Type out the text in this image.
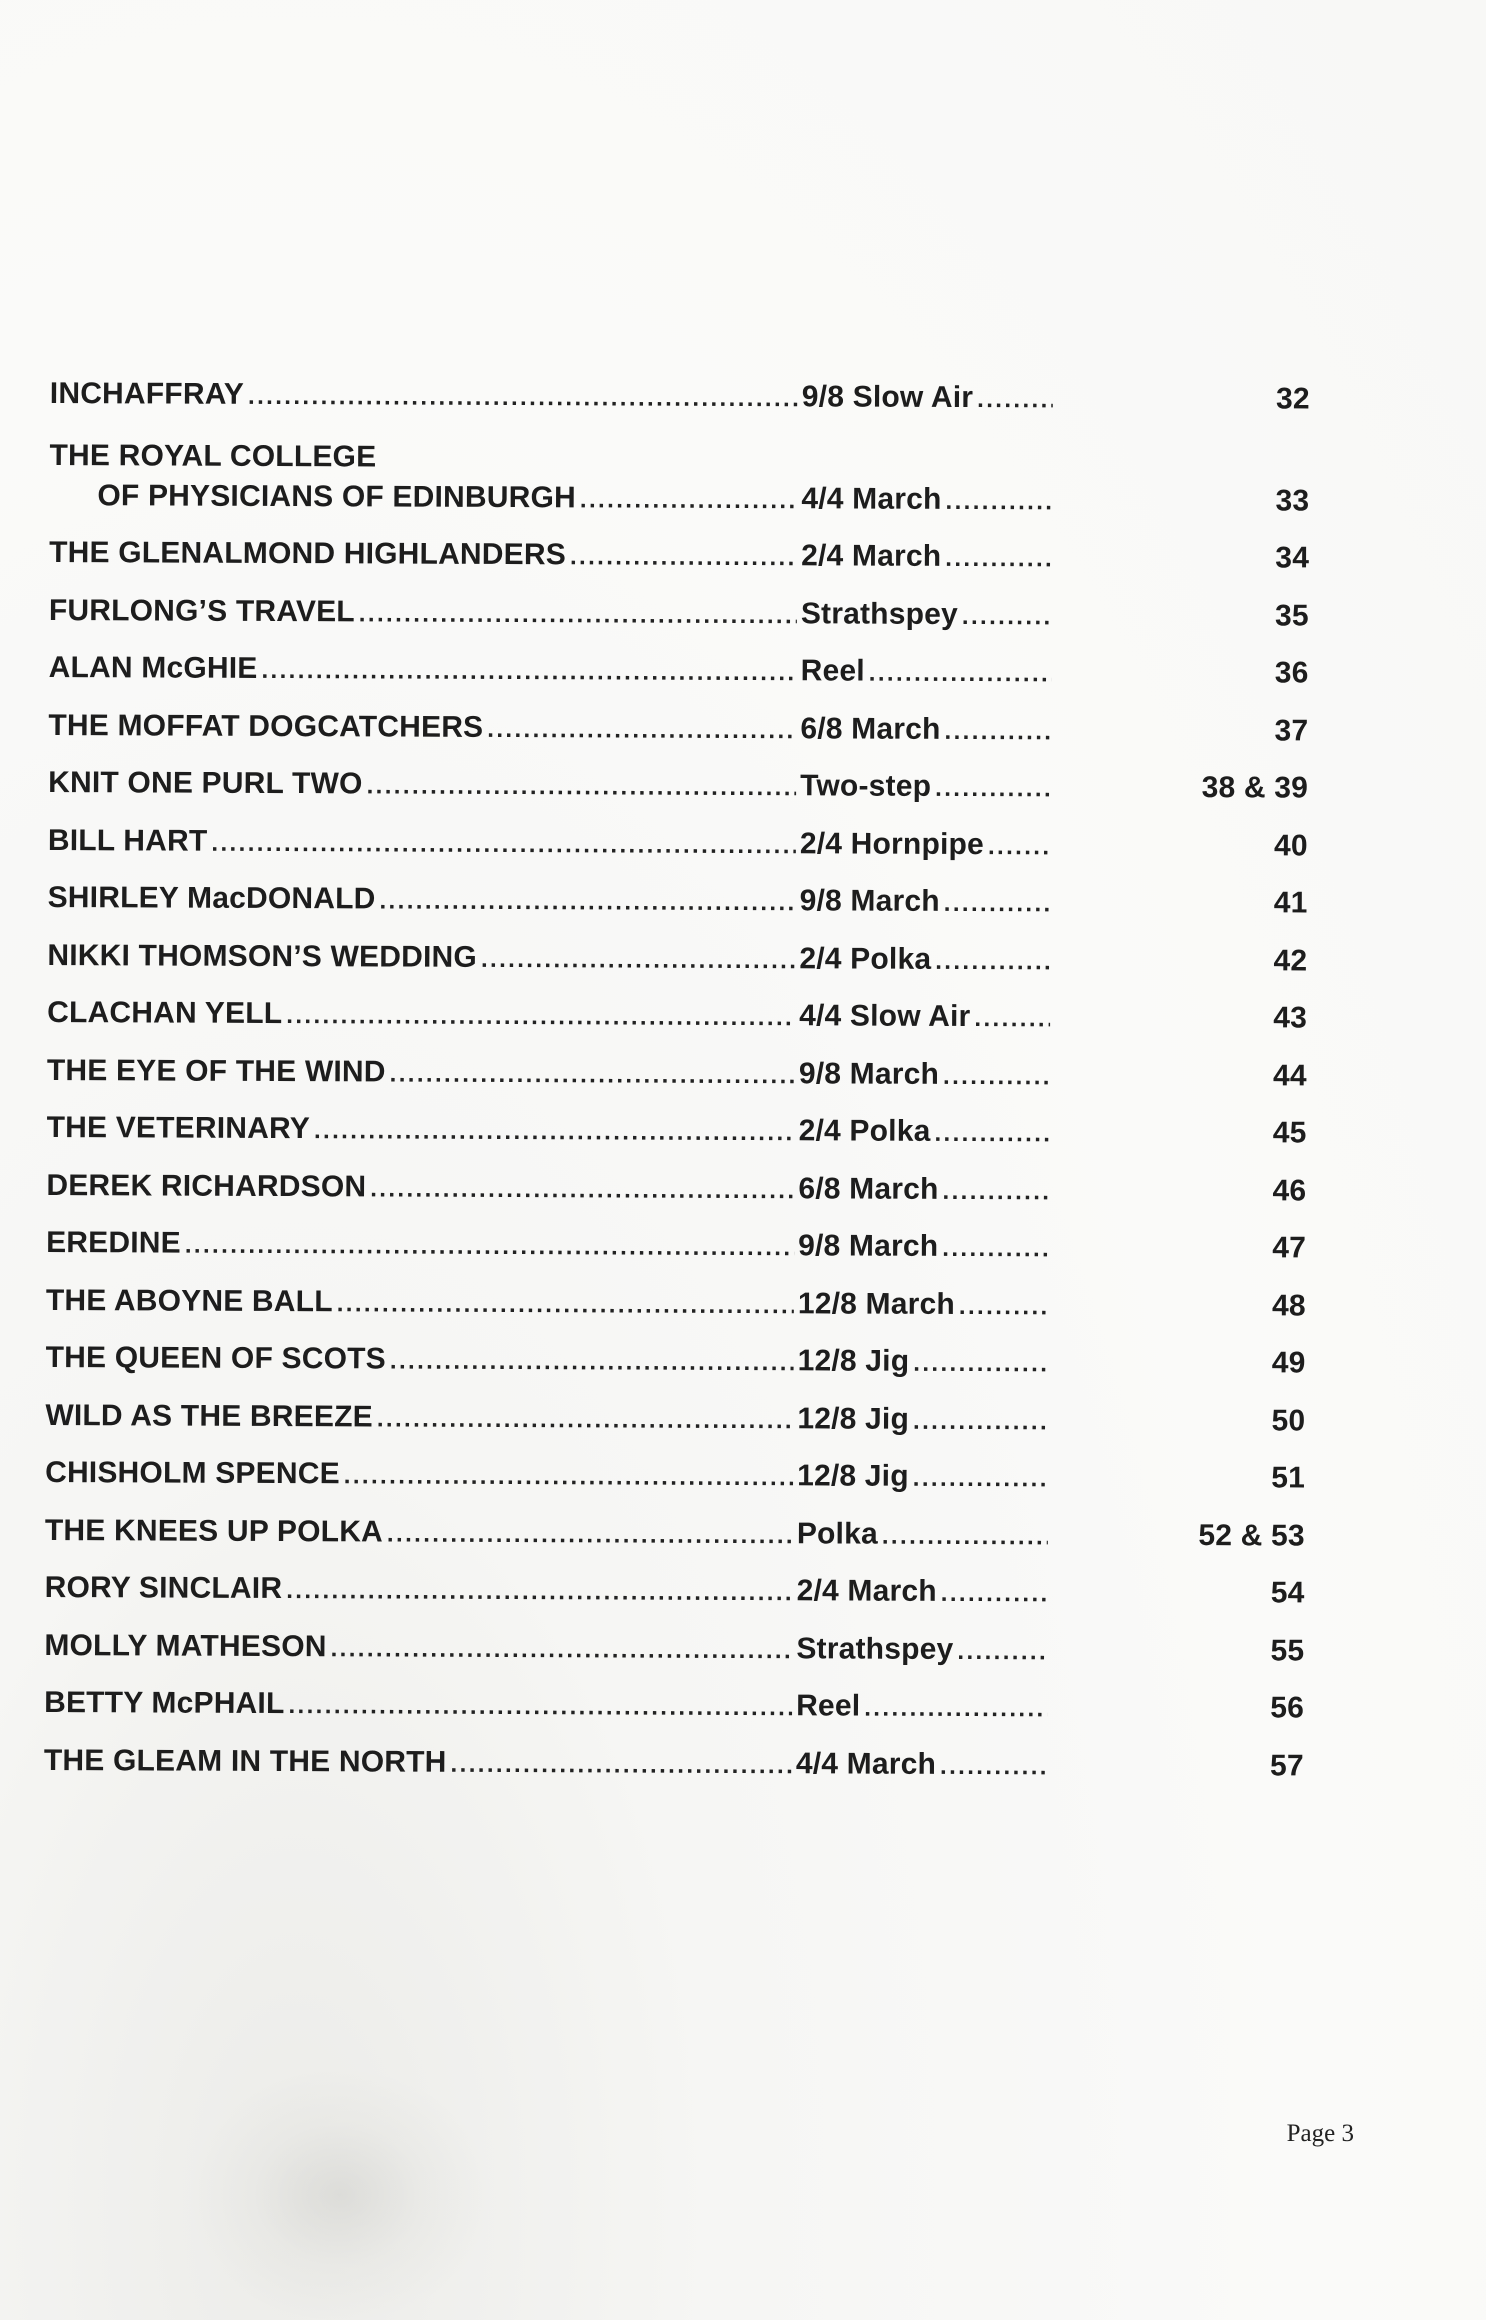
INCHAFFRAY .....	9/8 Slow Air .....	32
THE ROYAL COLLEGE
OF PHYSICIANS OF EDINBURGH .....	4/4 March .....	33
THE GLENALMOND HIGHLANDERS .....	2/4 March .....	34
FURLONG’S TRAVEL .....	Strathspey .....	35
ALAN McGHIE .....	Reel .....	36
THE MOFFAT DOGCATCHERS .....	6/8 March .....	37
KNIT ONE PURL TWO .....	Two-step .....	38 & 39
BILL HART .....	2/4 Hornpipe .....	40
SHIRLEY MacDONALD .....	9/8 March .....	41
NIKKI THOMSON’S WEDDING .....	2/4 Polka .....	42
CLACHAN YELL .....	4/4 Slow Air .....	43
THE EYE OF THE WIND .....	9/8 March .....	44
THE VETERINARY .....	2/4 Polka .....	45
DEREK RICHARDSON .....	6/8 March .....	46
EREDINE .....	9/8 March .....	47
THE ABOYNE BALL .....	12/8 March .....	48
THE QUEEN OF SCOTS .....	12/8 Jig .....	49
WILD AS THE BREEZE .....	12/8 Jig .....	50
CHISHOLM SPENCE .....	12/8 Jig .....	51
THE KNEES UP POLKA .....	Polka .....	52 & 53
RORY SINCLAIR .....	2/4 March .....	54
MOLLY MATHESON .....	Strathspey .....	55
BETTY McPHAIL .....	Reel .....	56
THE GLEAM IN THE NORTH .....	4/4 March .....	57
Page 3
